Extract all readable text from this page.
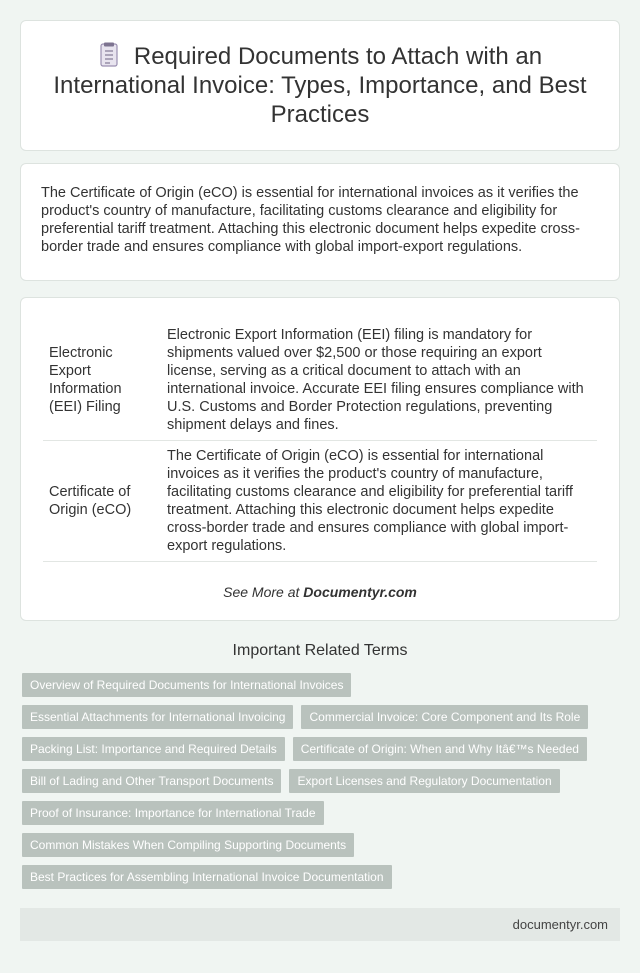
Required Documents to Attach with an International Invoice: Types, Importance, and Best Practices

The Certificate of Origin (eCO) is essential for international invoices as it verifies the product's country of manufacture, facilitating customs clearance and eligibility for preferential tariff treatment. Attaching this electronic document helps expedite cross-border trade and ensures compliance with global import-export regulations.

Electronic Export Information (EEI) Filing	Electronic Export Information (EEI) filing is mandatory for shipments valued over $2,500 or those requiring an export license, serving as a critical document to attach with an international invoice. Accurate EEI filing ensures compliance with U.S. Customs and Border Protection regulations, preventing shipment delays and fines.
Certificate of Origin (eCO)	The Certificate of Origin (eCO) is essential for international invoices as it verifies the product's country of manufacture, facilitating customs clearance and eligibility for preferential tariff treatment. Attaching this electronic document helps expedite cross-border trade and ensures compliance with global import-export regulations.
See More at Documentyr.com
Important Related Terms
Overview of Required Documents for International Invoices
Essential Attachments for International Invoicing	Commercial Invoice: Core Component and Its Role
Packing List: Importance and Required Details	Certificate of Origin: When and Why Itâ€™s Needed
Bill of Lading and Other Transport Documents	Export Licenses and Regulatory Documentation
Proof of Insurance: Importance for International Trade
Common Mistakes When Compiling Supporting Documents
Best Practices for Assembling International Invoice Documentation
documentyr.com
